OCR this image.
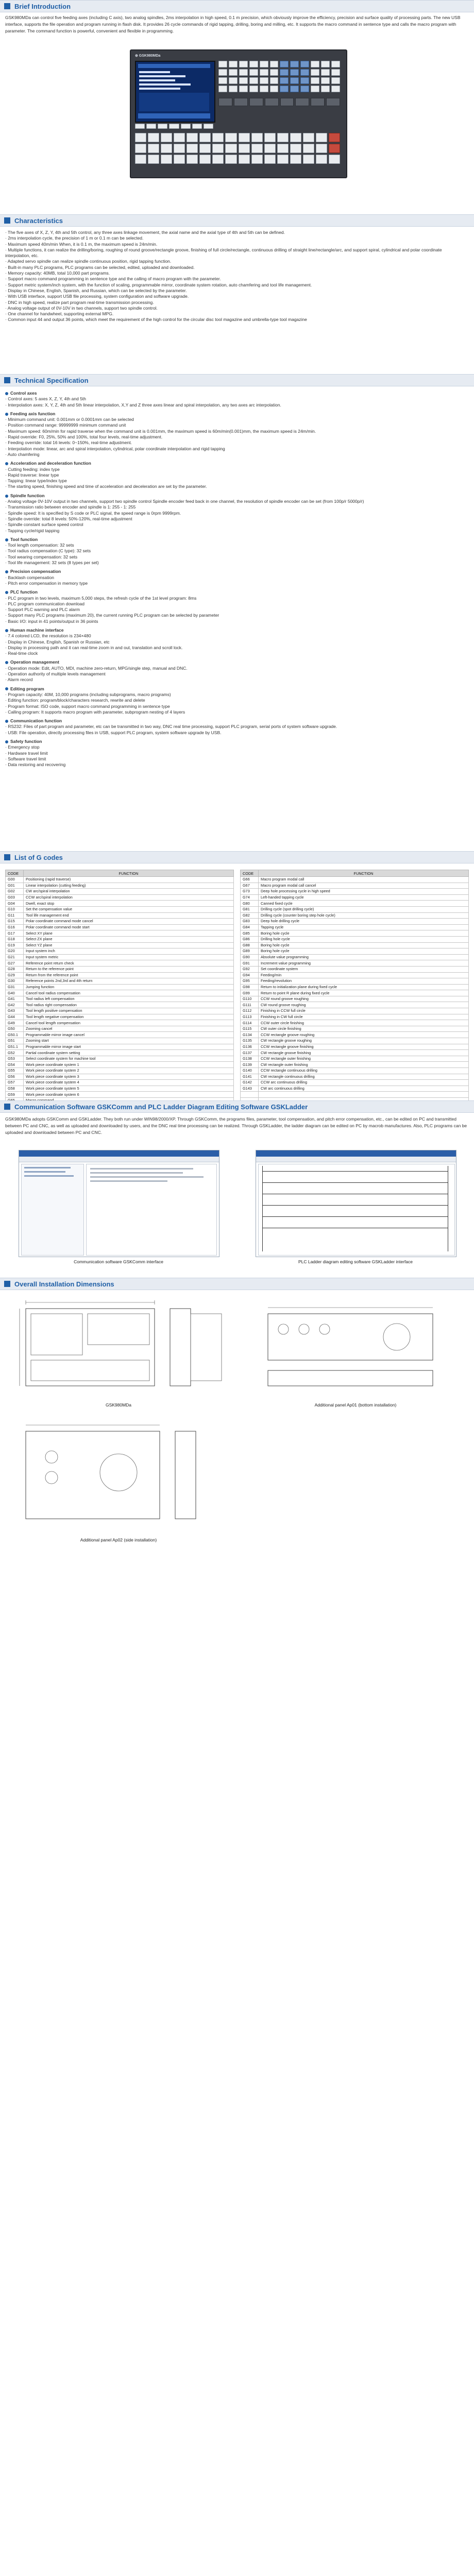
Brief Introduction
GSK980MDa can control five feeding axes (including C axis), two analog spindles, 2ms interpolation in high speed, 0.1 m precision, which obviously improve the efficiency, precision and surface quality of processing parts. The new USB interface, supports the file operation and program running in flash disk. It provides 26 cycle commands of rigid tapping, drilling, boring and milling, etc. It supports the macro command in sentence type and calls the macro program with parameter. The command function is powerful, convenient and flexible in programming.
⊕ GSK980MDa
Characteristics
· The five axes of X, Z, Y, 4th and 5th control, any three axes linkage movement, the axial name and the axial type of 4th and 5th can be defined.
· 2ms interpolation cycle, the precision of 1 m or 0.1 m can be selected.
· Maximum speed 40m/min When, it is 0.1 m, the maximum speed is 24m/min.
· Multiple functions, it can realize the drilling/boring, roughing of round groove/rectangle groove, finishing of full circle/rectangle, continuous drilling of straight line/rectangle/arc, and support spiral, cylindrical and polar coordinate interpolation, etc.
· Adapted servo spindle can realize spindle continuous position, rigid tapping function.
· Built-in many PLC programs, PLC programs can be selected, edited, uploaded and downloaded.
· Memory capacity: 40MB, total 10,000 part programs.
· Support macro command programming in sentence type and the calling of macro program with the parameter.
· Support metric system/inch system, with the function of scaling, programmable mirror, coordinate system rotation, auto chamfering and tool life management.
· Display in Chinese, English, Spanish, and Russian, which can be selected by the parameter.
· With USB interface, support USB file processing, system configuration and software upgrade.
· DNC in high speed, realize part program real-time transmission processing.
· Analog voltage output of 0V-10V in two channels, support two spindle control.
· One channel for handwheel, supporting external MPG.
· Common input 44 and output 36 points, which meet the requirement of the high control for the circular disc tool magazine and umbrella-type tool magazine
Technical Specification
Control axes
· Control axes: 5 axes X, Z, Y, 4th and 5th
· Interpolation axes: X, Y, Z, 4th and 5th linear interpolation, X,Y and Z three axes linear and spiral interpolation, any two axes arc interpolation.
Feeding axis function
· Minimum command unit: 0.001mm or 0.0001mm can be selected
· Position command range: 99999999 minimum command unit
· Maximum speed: 60m/min for rapid traverse when the command unit is 0.001mm, the maximum speed is 60m/min(0.001)mm, the maximum speed is 24m/min.
· Rapid override: F0, 25%, 50% and 100%, total four levels, real-time adjustment.
· Feeding override: total 16 levels: 0~150%, real-time adjustment.
· Interpolation mode: linear, arc and spiral interpolation, cylindrical, polar coordinate interpolation and rigid tapping
· Auto chamfering
Acceleration and deceleration function
· Cutting feeding: index type
· Rapid traverse: linear type
· Tapping: linear type/index type
· The starting speed, finishing speed and time of acceleration and deceleration are set by the parameter.
Spindle function
· Analog voltage 0V-10V output in two channels, support two spindle control Spindle encoder feed back in one channel, the resolution of spindle encoder can be set (from 100p/r 5000p/r)
· Transmission ratio between encoder and spindle is 1: 255 - 1: 255
· Spindle speed: It is specified by S code or PLC signal, the speed range is 0rpm 9999rpm.
· Spindle override: total 8 levels: 50%-120%, real-time adjustment
· Spindle constant surface speed control
· Tapping cycle/rigid tapping
Tool function
· Tool length compensation: 32 sets
· Tool radius compensation (C type): 32 sets
· Tool wearing compensation: 32 sets
· Tool life management: 32 sets (8 types per set)
Precision compensation
· Backlash compensation
· Pitch error compensation in memory type
PLC function
· PLC program in two levels, maximum 5,000 steps, the refresh cycle of the 1st level program: 8ms
· PLC program communication download
· Support PLC warning and PLC alarm
· Support many PLC programs (maximum 20), the current running PLC program can be selected by parameter
· Basic I/O: input in 41 points/output in 36 points
Human machine interface
· 7.4 colored LCD, the resolution is 234×480
· Display in Chinese, English, Spanish or Russian, etc
· Display in processing path and it can real-time zoom in and out, translation and scroll lock.
· Real-time clock
Operation management
· Operation mode: Edit, AUTO, MDI, machine zero-return, MPG/single step, manual and DNC.
· Operation authority of multiple levels management
· Alarm record
Editing program
· Program capacity: 40M, 10,000 programs (including subprograms, macro programs)
· Editing function: program/block/characters research, rewrite and delete
· Program format: ISO code, support macro command programming in sentence type
· Calling program: It supports macro program with parameter, subprogram nesting of 4 layers
Communication function
· RS232: Files of part program and parameter, etc can be transmitted in two way, DNC real time processing, support PLC program, serial ports of system software upgrade.
· USB: File operation, directly processing files in USB, support PLC program, system software upgrade by USB.
Safety function
· Emergency stop
· Hardware travel limit
· Software travel limit
· Data restoring and recovering
List of G codes
CODE	FUNCTION
G00	Positioning (rapid traverse)
G01	Linear interpolation (cutting feeding)
G02	CW arc/spiral interpolation
G03	CCW arc/spiral interpolation
G04	Dwell, exact stop
G10	Set the compensation value
G11	Tool life management end
G15	Polar coordinate command mode cancel
G16	Polar coordinate command mode start
G17	Select XY plane
G18	Select ZX plane
G19	Select YZ plane
G20	Input system inch
G21	Input system metric
G27	Reference point return check
G28	Return to the reference point
G29	Return from the reference point
G30	Reference points 2nd,3rd and 4th return
G31	Jumping function
G40	Cancel tool radius compensation
G41	Tool radius left compensation
G42	Tool radius right compensation
G43	Tool length positive compensation
G44	Tool length negative compensation
G49	Cancel tool length compensation
G50	Zooming cancel
G50.1	Programmable mirror image cancel
G51	Zooming start
G51.1	Programmable mirror image start
G52	Partial coordinate system setting
G53	Select coordinate system for machine tool
G54	Work piece coordinate system 1
G55	Work piece coordinate system 2
G56	Work piece coordinate system 3
G57	Work piece coordinate system 4
G58	Work piece coordinate system 5
G59	Work piece coordinate system 6

CODE	FUNCTION
G66	Macro program modal call
G67	Macro program modal call cancel
G73	Deep hole processing cycle in high speed
G74	Left-handed tapping cycle
G80	Canned fixed cycle
G81	Drilling cycle (spot drilling cycle)
G82	Drilling cycle (counter boring step hole cycle)
G83	Deep hole drilling cycle
G84	Tapping cycle
G85	Boring hole cycle
G86	Drilling hole cycle
G88	Boring hole cycle
G89	Boring hole cycle
G90	Absolute value programming
G91	Increment value programming
G92	Set coordinate system
G94	Feeding/min
G95	Feeding/revolution
G98	Return to initialization plane during fixed cycle
G99	Return to point R plane during fixed cycle
G110	CCW round groove roughing
G111	CW round groove roughing
G112	Finishing in CCW full circle
G113	Finishing in CW full circle
G114	CCW outer circle finishing
G115	CW outer circle finishing
G134	CCW rectangle groove roughing
G135	CW rectangle groove roughing
G136	CCW rectangle groove finishing
G137	CW rectangle groove finishing
G138	CCW rectangle outer finishing
G139	CW rectangle outer finishing
G140	CCW rectangle continuous drilling
G141	CW rectangle continuous drilling
G142	CCW arc continuous drilling
G143	CW arc continuous drilling

Communication Software GSKComm and PLC Ladder Diagram Editing Software GSKLadder
GSK980MDa adopts GSKComm and GSKLadder. They both run under WIN98/2000/XP. Through GSKComm, the programs files, parameter, tool compensation, and pitch error compensation, etc., can be edited on PC and transmitted between PC and CNC, as well as uploaded and downloaded by users, and the DNC real time processing can be realized. Through GSKLadder, the ladder diagram can be edited on PC by macrob manufactures. Also, PLC programs can be uploaded and downloaded between PC and CNC.
Communication software GSKComm interface	PLC Ladder diagram editing software GSKLadder interface
Overall Installation Dimensions
GSK980MDa	Additional panel Ap01 (bottom installation)
Additional panel Ap02 (side installation)
